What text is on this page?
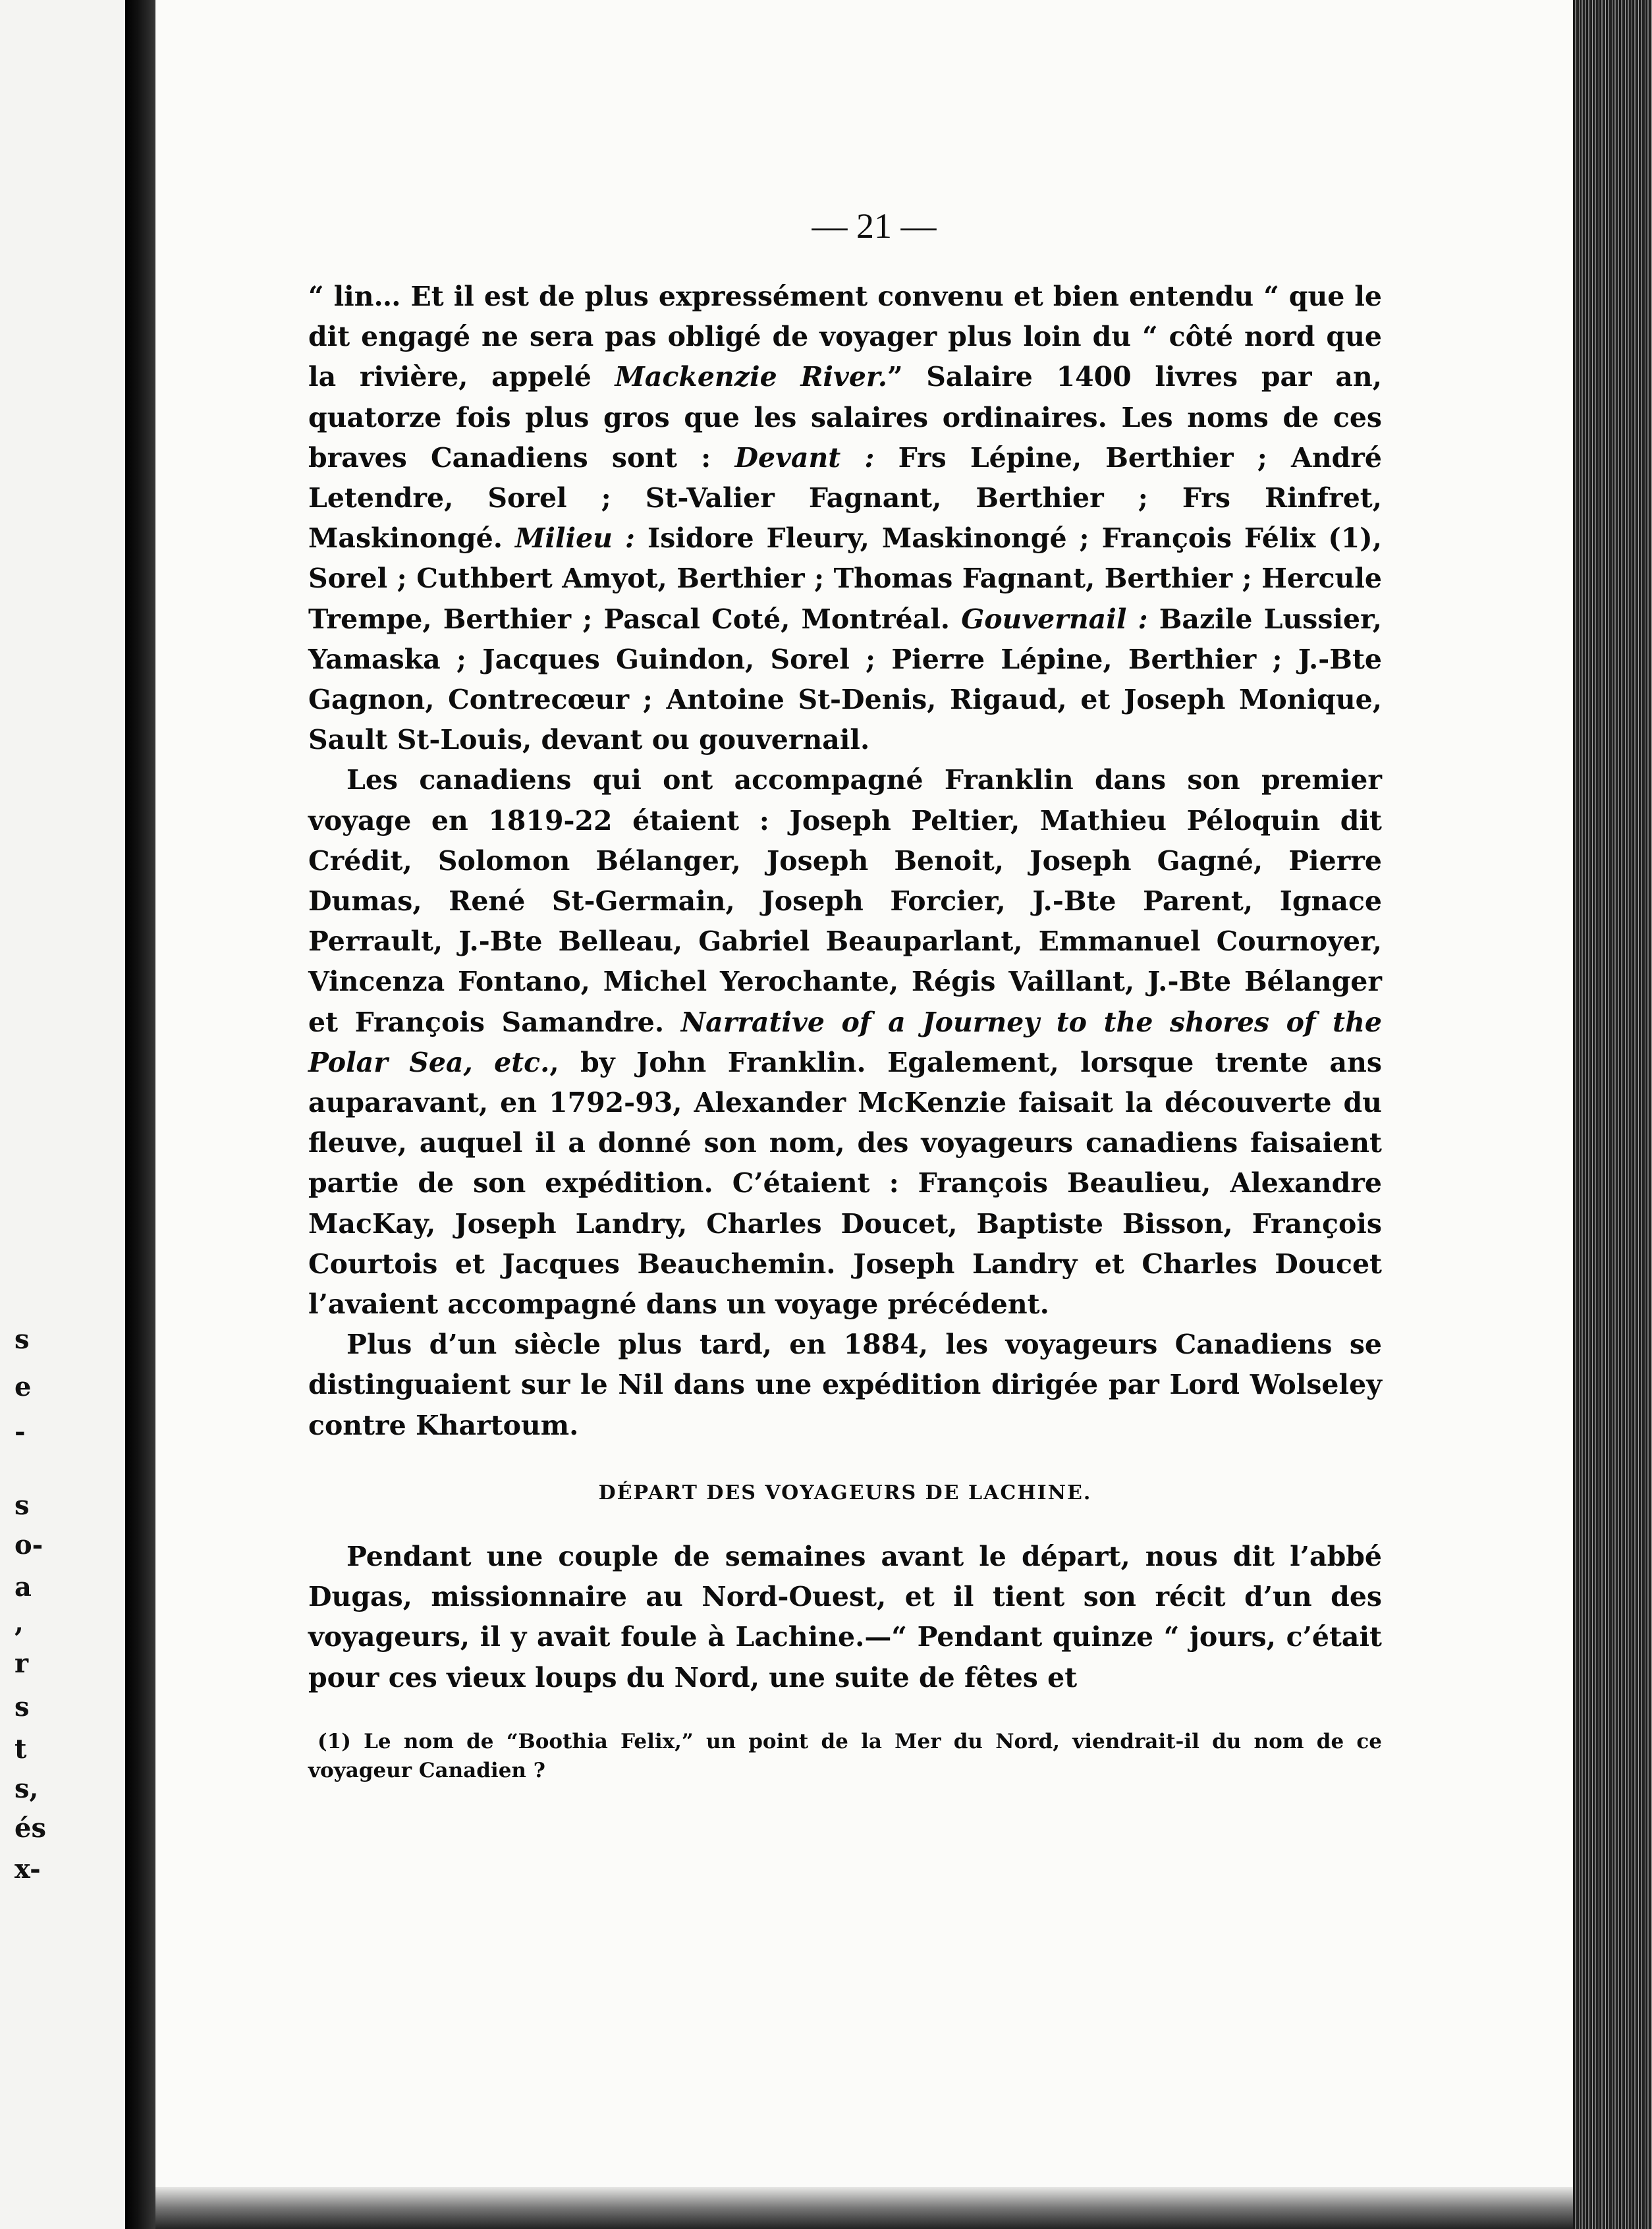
s
e
-
s
o-
a
,
r
s
t
s,
és
x-
— 21 —

“ lin… Et il est de plus expressément convenu et bien entendu “ que le dit engagé ne sera pas obligé de voyager plus loin du “ côté nord que la rivière, appelé Mackenzie River.” Salaire 1400 livres par an, quatorze fois plus gros que les salaires ordinaires. Les noms de ces braves Canadiens sont : Devant : Frs Lépine, Berthier ; André Letendre, Sorel ; St-Valier Fagnant, Berthier ; Frs Rinfret, Maskinongé. Milieu : Isidore Fleury, Maskinongé ; François Félix (1), Sorel ; Cuthbert Amyot, Berthier ; Thomas Fagnant, Berthier ; Hercule Trempe, Berthier ; Pascal Coté, Montréal. Gouvernail : Bazile Lussier, Yamaska ; Jacques Guindon, Sorel ; Pierre Lépine, Berthier ; J.-Bte Gagnon, Contrecœur ; Antoine St-Denis, Rigaud, et Joseph Monique, Sault St-Louis, devant ou gouvernail.

Les canadiens qui ont accompagné Franklin dans son premier voyage en 1819-22 étaient : Joseph Peltier, Mathieu Péloquin dit Crédit, Solomon Bélanger, Joseph Benoit, Joseph Gagné, Pierre Dumas, René St-Germain, Joseph Forcier, J.-Bte Parent, Ignace Perrault, J.-Bte Belleau, Gabriel Beauparlant, Emmanuel Cournoyer, Vincenza Fontano, Michel Yerochante, Régis Vaillant, J.-Bte Bélanger et François Samandre. Narrative of a Journey to the shores of the Polar Sea, etc., by John Franklin. Egalement, lorsque trente ans auparavant, en 1792-93, Alexander McKenzie faisait la découverte du fleuve, auquel il a donné son nom, des voyageurs canadiens faisaient partie de son expédition. C’étaient : François Beaulieu, Alexandre MacKay, Joseph Landry, Charles Doucet, Baptiste Bisson, François Courtois et Jacques Beauchemin. Joseph Landry et Charles Doucet l’avaient accompagné dans un voyage précédent.

Plus d’un siècle plus tard, en 1884, les voyageurs Canadiens se distinguaient sur le Nil dans une expédition dirigée par Lord Wolseley contre Khartoum.

DÉPART DES VOYAGEURS DE LACHINE.

Pendant une couple de semaines avant le départ, nous dit l’abbé Dugas, missionnaire au Nord-Ouest, et il tient son récit d’un des voyageurs, il y avait foule à Lachine.—“ Pendant quinze “ jours, c’était pour ces vieux loups du Nord, une suite de fêtes et

(1) Le nom de “Boothia Felix,” un point de la Mer du Nord, viendrait-il du nom de ce voyageur Canadien ?
